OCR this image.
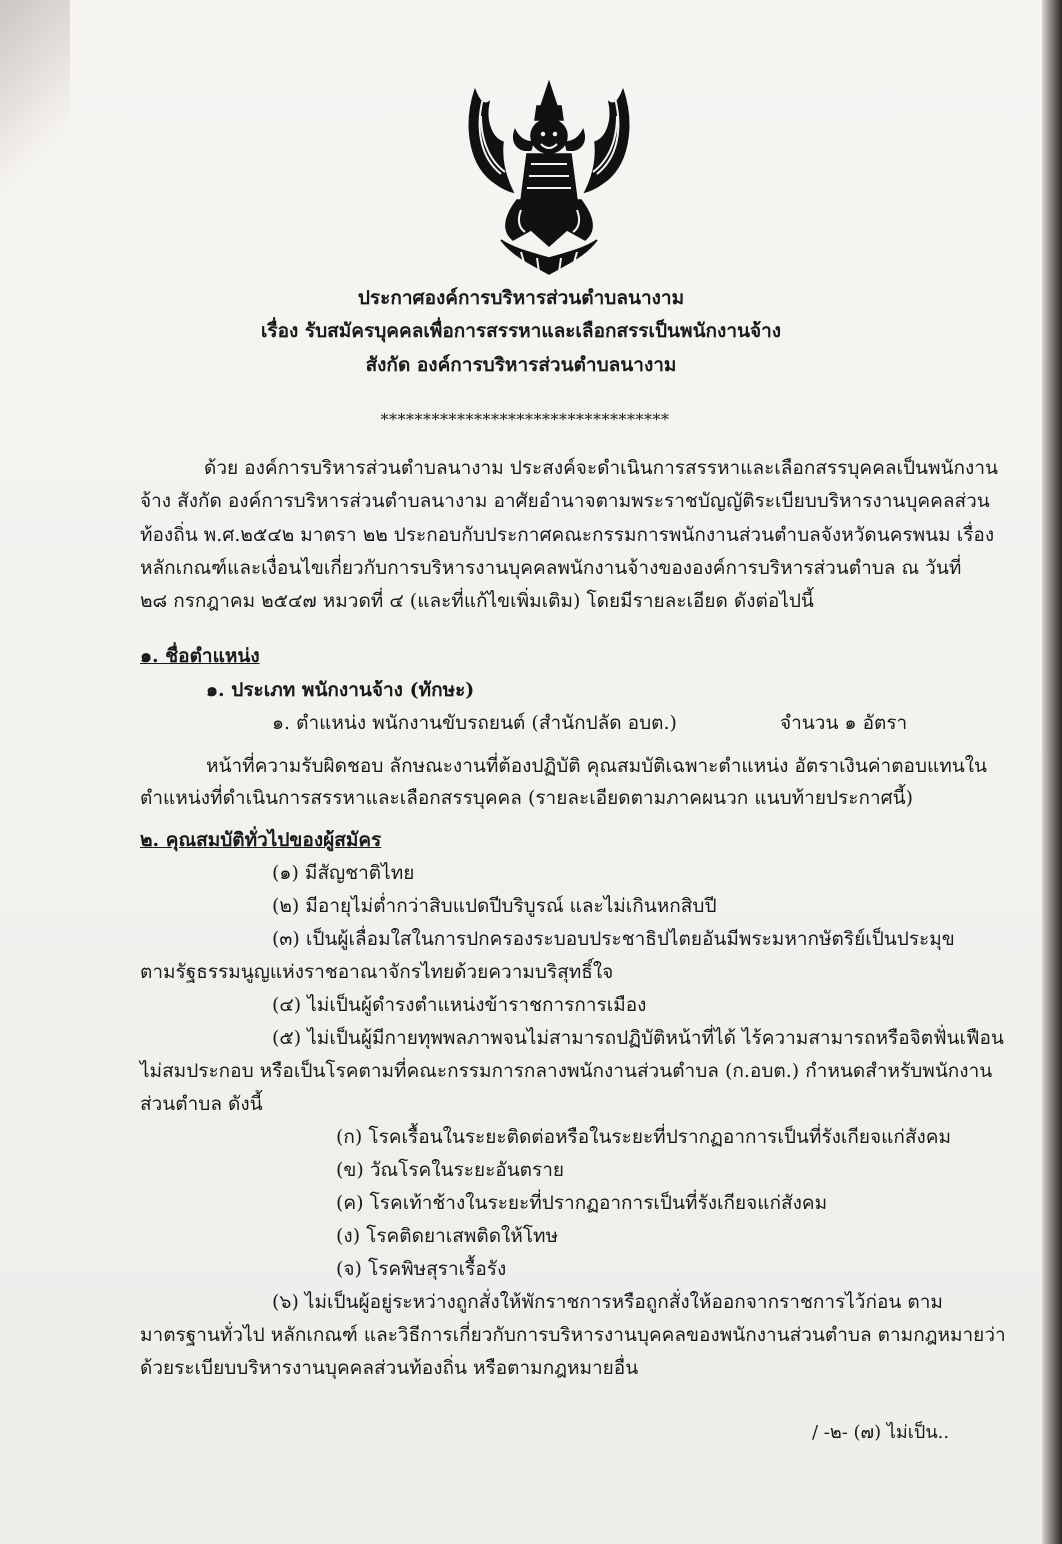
ประกาศองค์การบริหารส่วนตำบลนางาม
เรื่อง รับสมัครบุคคลเพื่อการสรรหาและเลือกสรรเป็นพนักงานจ้าง
สังกัด องค์การบริหารส่วนตำบลนางาม
**********************************
ด้วย องค์การบริหารส่วนตำบลนางาม ประสงค์จะดำเนินการสรรหาและเลือกสรรบุคคลเป็นพนักงาน
จ้าง สังกัด องค์การบริหารส่วนตำบลนางาม อาศัยอำนาจตามพระราชบัญญัติระเบียบบริหารงานบุคคลส่วน
ท้องถิ่น พ.ศ.๒๕๔๒ มาตรา ๒๒ ประกอบกับประกาศคณะกรรมการพนักงานส่วนตำบลจังหวัดนครพนม เรื่อง
หลักเกณฑ์และเงื่อนไขเกี่ยวกับการบริหารงานบุคคลพนักงานจ้างขององค์การบริหารส่วนตำบล ณ วันที่
๒๘ กรกฎาคม ๒๕๔๗ หมวดที่ ๔ (และที่แก้ไขเพิ่มเติม) โดยมีรายละเอียด ดังต่อไปนี้
๑. ชื่อตำแหน่ง
๑. ประเภท พนักงานจ้าง (ทักษะ)
๑. ตำแหน่ง พนักงานขับรถยนต์ (สำนักปลัด อบต.)	จำนวน ๑ อัตรา
หน้าที่ความรับผิดชอบ ลักษณะงานที่ต้องปฏิบัติ คุณสมบัติเฉพาะตำแหน่ง อัตราเงินค่าตอบแทนใน
ตำแหน่งที่ดำเนินการสรรหาและเลือกสรรบุคคล (รายละเอียดตามภาคผนวก แนบท้ายประกาศนี้)
๒. คุณสมบัติทั่วไปของผู้สมัคร
(๑) มีสัญชาติไทย
(๒) มีอายุไม่ต่ำกว่าสิบแปดปีบริบูรณ์ และไม่เกินหกสิบปี
(๓) เป็นผู้เลื่อมใสในการปกครองระบอบประชาธิปไตยอันมีพระมหากษัตริย์เป็นประมุข
ตามรัฐธรรมนูญแห่งราชอาณาจักรไทยด้วยความบริสุทธิ์ใจ
(๔) ไม่เป็นผู้ดำรงตำแหน่งข้าราชการการเมือง
(๕) ไม่เป็นผู้มีกายทุพพลภาพจนไม่สามารถปฏิบัติหน้าที่ได้ ไร้ความสามารถหรือจิตฟั่นเฟือน
ไม่สมประกอบ หรือเป็นโรคตามที่คณะกรรมการกลางพนักงานส่วนตำบล (ก.อบต.) กำหนดสำหรับพนักงาน
ส่วนตำบล ดังนี้
(ก) โรคเรื้อนในระยะติดต่อหรือในระยะที่ปรากฏอาการเป็นที่รังเกียจแก่สังคม
(ข) วัณโรคในระยะอันตราย
(ค) โรคเท้าช้างในระยะที่ปรากฏอาการเป็นที่รังเกียจแก่สังคม
(ง) โรคติดยาเสพติดให้โทษ
(จ) โรคพิษสุราเรื้อรัง
(๖) ไม่เป็นผู้อยู่ระหว่างถูกสั่งให้พักราชการหรือถูกสั่งให้ออกจากราชการไว้ก่อน ตาม
มาตรฐานทั่วไป หลักเกณฑ์ และวิธีการเกี่ยวกับการบริหารงานบุคคลของพนักงานส่วนตำบล ตามกฎหมายว่า
ด้วยระเบียบบริหารงานบุคคลส่วนท้องถิ่น หรือตามกฎหมายอื่น
/ -๒- (๗) ไม่เป็น..
